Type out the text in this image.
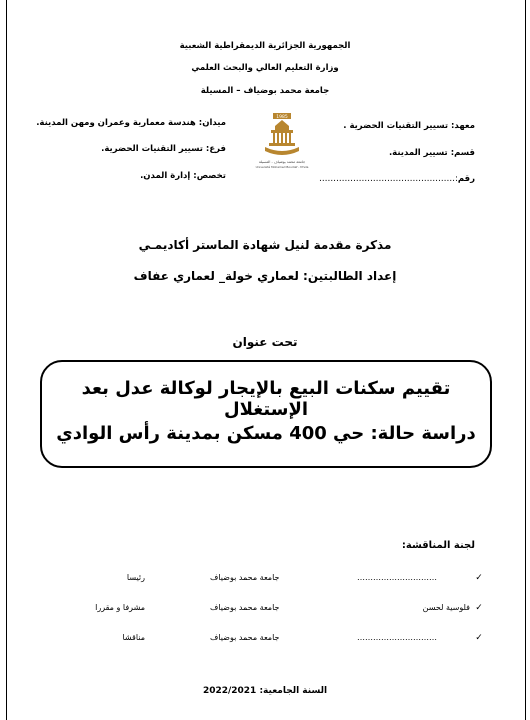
الجمهورية الجزائرية الديمقراطية الشعبية
وزارة التعليم العالي والبحث العلمي
جامعة محمد بوضياف – المسيلة
معهد: تسيير التقنيات الحضرية .
قسم: تسيير المدينة.
رقم:…………………………………………
ميدان: هندسة معمارية وعمران ومهن المدينة.
فرع: تسيير التقنيات الحضرية.
تخصص: إدارة المدن.
1985
جامعة محمد بوضياف - المسيلة
Université Mohamed Boudiaf - M'sila
مذكرة مقدمة لنيل شهادة الماستر أكاديمـي
إعداد الطالبتين: لعماري خولة_ لعماري عفاف
تحت عنوان
تقييم سكنات البيع بالإيجار لوكالة عدل بعد الإستغلال
دراسة حالة: حي 400 مسكن بمدينة رأس الوادي
لجنة المناقشة:
✓
…………………………
جامعة محمد بوضياف
رئيسا
✓
فلوسية لحسن
جامعة محمد بوضياف
مشرفا و مقررا
✓
…………………………
جامعة محمد بوضياف
مناقشا
السنة الجامعية: 2022/2021
